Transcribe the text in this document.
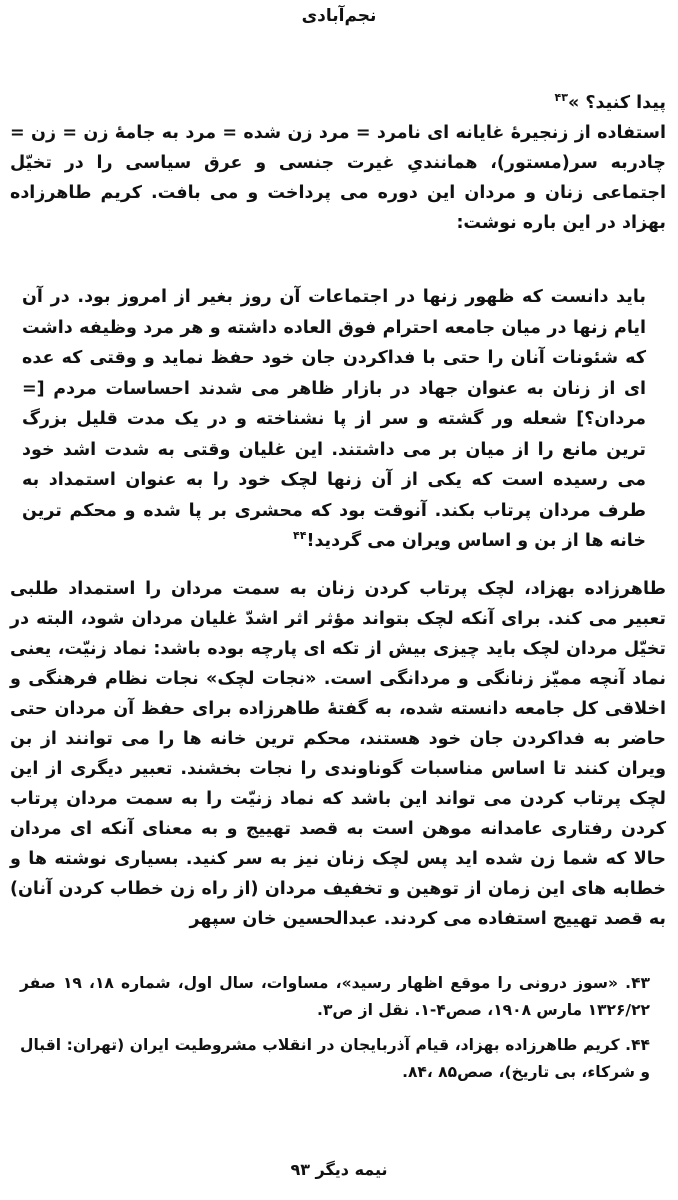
نجم‌آبادی

پیدا کنید؟ »$^{۴۳}$

استفاده از زنجیرهٔ غایانه ای نامرد = مرد زن شده = مرد به جامهٔ زن = زن = چادربه سر(مستور)، همانندیِ غیرت جنسی و عرق سیاسی را در تخیّل اجتماعی زنان و مردان این دوره می پرداخت و می بافت. کریم طاهرزاده بهزاد در این باره نوشت:

باید دانست که ظهور زنها در اجتماعات آن روز بغیر از امروز بود. در آن ایام زنها در میان جامعه احترام فوق العاده داشته و هر مرد وظیفه داشت که شئونات آنان را حتی با فداکردن جان خود حفظ نماید و وقتی که عده ای از زنان به عنوان جهاد در بازار ظاهر می شدند احساسات مردم [= مردان؟] شعله ور گشته و سر از پا نشناخته و در یک مدت قلیل بزرگ ترین مانع را از میان بر می داشتند. این غلیان وقتی به شدت اشد خود می رسیده است که یکی از آن زنها لچک خود را به عنوان استمداد به طرف مردان پرتاب بکند. آنوقت بود که محشری بر پا شده و محکم ترین خانه ها از بن و اساس ویران می گردید!$^{۴۴}$

طاهرزاده بهزاد، لچک پرتاب کردن زنان به سمت مردان را استمداد طلبی تعبیر می کند. برای آنکه لچک بتواند مؤثر اثر اشدّ غلیان مردان شود، البته در تخیّل مردان لچک باید چیزی بیش از تکه ای پارچه بوده باشد: نماد زنیّت، یعنی نماد آنچه ممیّز زنانگی و مردانگی است. «نجات لچک» نجات نظام فرهنگی و اخلاقی کل جامعه دانسته شده، به گفتهٔ طاهرزاده برای حفظ آن مردان حتی حاضر به فداکردن جان خود هستند، محکم ترین خانه ها را می توانند از بن ویران کنند تا اساس مناسبات گوناوندی را نجات بخشند. تعبیر دیگری از این لچک پرتاب کردن می تواند این باشد که نماد زنیّت را به سمت مردان پرتاب کردن رفتاری عامدانه موهن است به قصد تهییج و به معنای آنکه ای مردان حالا که شما زن شده اید پس لچک زنان نیز به سر کنید. بسیاری نوشته ها و خطابه های این زمان از توهین و تخفیف مردان (از راه زن خطاب کردن آنان) به قصد تهییج استفاده می کردند. عبدالحسین خان سپهر

۴۳. «سوز درونی را موقع اظهار رسید»، مساوات، سال اول، شماره ۱۸، ۱۹ صفر ۱۳۲۶/۲۲ مارس ۱۹۰۸، صص۴-۱. نقل از ص۳.

۴۴. کریم طاهرزاده بهزاد، قیام آذربایجان در انقلاب مشروطیت ایران (تهران: اقبال و شرکاء، بی تاریخ)، صص۸۵ ،۸۴.

نیمه دیگر ۹۳
